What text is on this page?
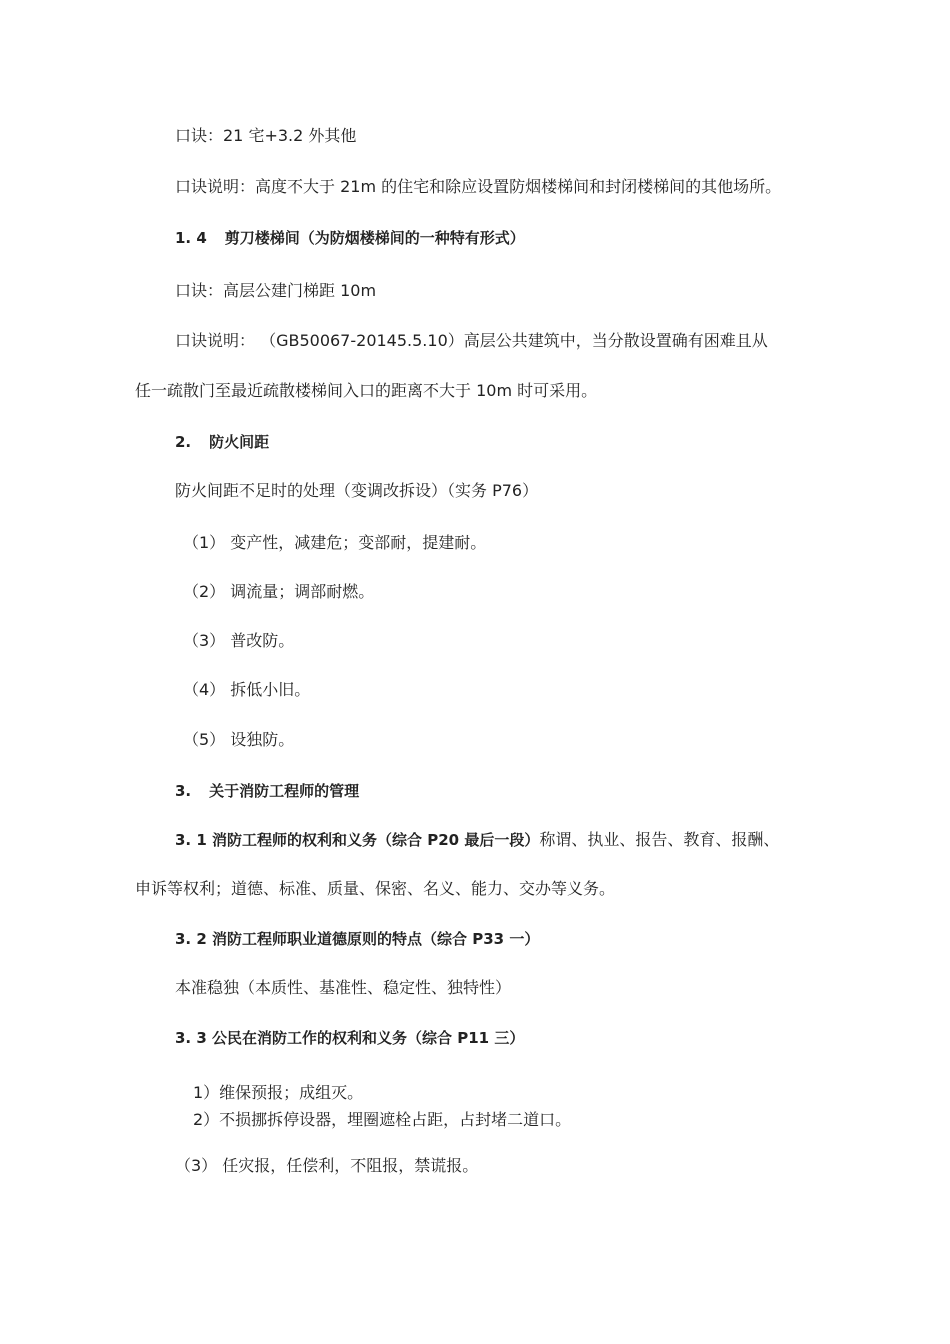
口诀：21 宅+3.2 外其他
口诀说明：高度不大于 21m 的住宅和除应设置防烟楼梯间和封闭楼梯间的其他场所。
1. 4 剪刀楼梯间（为防烟楼梯间的一种特有形式）
口诀：高层公建门梯距 10m
口诀说明： （GB50067-20145.5.10）高层公共建筑中，当分散设置确有困难且从
任一疏散门至最近疏散楼梯间入口的距离不大于 10m 时可采用。
2. 防火间距
防火间距不足时的处理（变调改拆设）（实务 P76）
（1） 变产性，减建危；变部耐，提建耐。
（2） 调流量；调部耐燃。
（3） 普改防。
（4） 拆低小旧。
（5） 设独防。
3. 关于消防工程师的管理
3. 1 消防工程师的权利和义务（综合 P20 最后一段）称谓、执业、报告、教育、报酬、
申诉等权利；道德、标准、质量、保密、名义、能力、交办等义务。
3. 2 消防工程师职业道德原则的特点（综合 P33 一）
本准稳独（本质性、基准性、稳定性、独特性）
3. 3 公民在消防工作的权利和义务（综合 P11 三）
1）维保预报；成组灭。
2）不损挪拆停设器，埋圈遮栓占距，占封堵二道口。
（3） 任灾报，任偿利，不阻报，禁谎报。
